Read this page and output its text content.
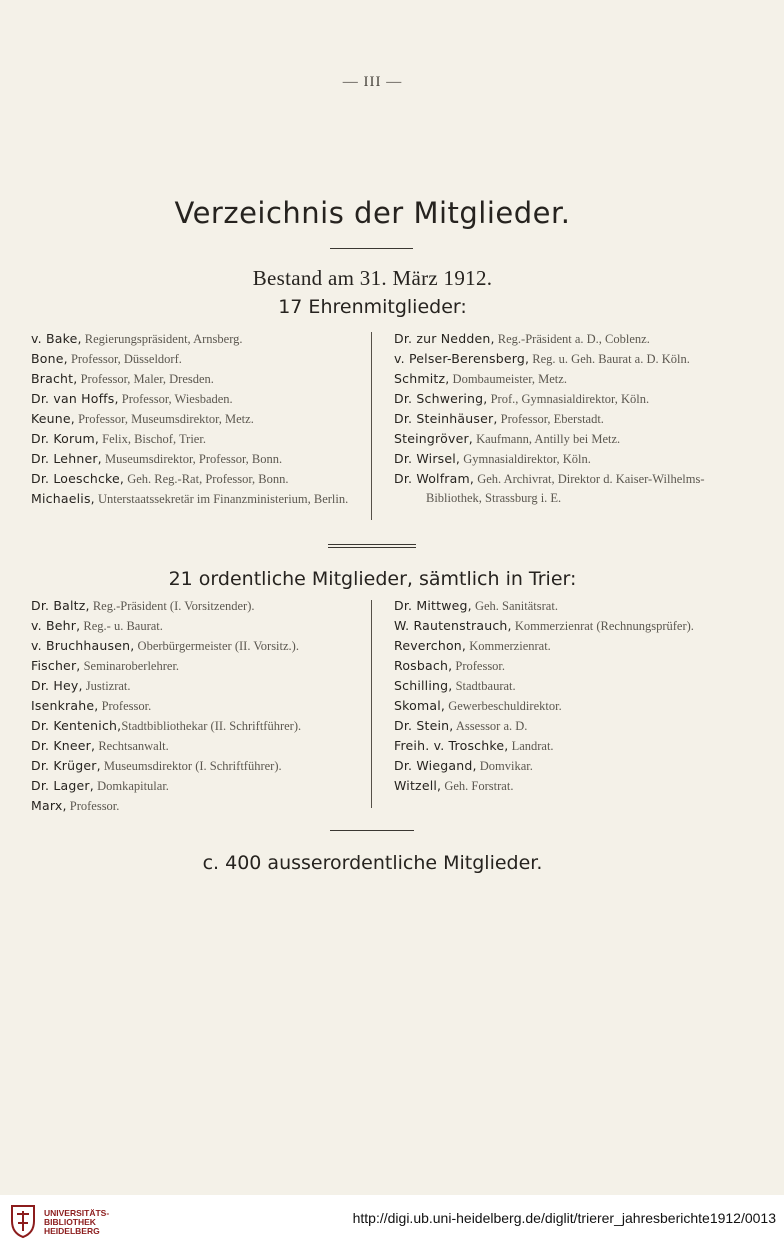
— III —
Verzeichnis der Mitglieder.
Bestand am 31. März 1912.
17 Ehrenmitglieder:
v. Bake, Regierungspräsident, Arnsberg.
Bone, Professor, Düsseldorf.
Bracht, Professor, Maler, Dresden.
Dr. van Hoffs, Professor, Wiesbaden.
Keune, Professor, Museumsdirektor, Metz.
Dr. Korum, Felix, Bischof, Trier.
Dr. Lehner, Museumsdirektor, Professor, Bonn.
Dr. Loeschcke, Geh. Reg.-Rat, Professor, Bonn.
Michaelis, Unterstaatssekretär im Finanzministerium, Berlin.
Dr. zur Nedden, Reg.-Präsident a. D., Coblenz.
v. Pelser-Berensberg, Reg. u. Geh. Baurat a. D. Köln.
Schmitz, Dombaumeister, Metz.
Dr. Schwering, Prof., Gymnasialdirektor, Köln.
Dr. Steinhäuser, Professor, Eberstadt.
Steingröver, Kaufmann, Antilly bei Metz.
Dr. Wirsel, Gymnasialdirektor, Köln.
Dr. Wolfram, Geh. Archivrat, Direktor d. Kaiser-Wilhelms-Bibliothek, Strassburg i. E.
21 ordentliche Mitglieder, sämtlich in Trier:
Dr. Baltz, Reg.-Präsident (I. Vorsitzender).
v. Behr, Reg.- u. Baurat.
v. Bruchhausen, Oberbürgermeister (II. Vorsitz.).
Fischer, Seminaroberlehrer.
Dr. Hey, Justizrat.
Isenkrahe, Professor.
Dr. Kentenich,Stadtbibliothekar (II. Schriftführer).
Dr. Kneer, Rechtsanwalt.
Dr. Krüger, Museumsdirektor (I. Schriftführer).
Dr. Lager, Domkapitular.
Marx, Professor.
Dr. Mittweg, Geh. Sanitätsrat.
W. Rautenstrauch, Kommerzienrat (Rechnungsprüfer).
Reverchon, Kommerzienrat.
Rosbach, Professor.
Schilling, Stadtbaurat.
Skomal, Gewerbeschuldirektor.
Dr. Stein, Assessor a. D.
Freih. v. Troschke, Landrat.
Dr. Wiegand, Domvikar.
Witzell, Geh. Forstrat.
c. 400 ausserordentliche Mitglieder.
UNIVERSITÄTS-
BIBLIOTHEK
HEIDELBERG
http://digi.ub.uni-heidelberg.de/diglit/trierer_jahresberichte1912/0013
